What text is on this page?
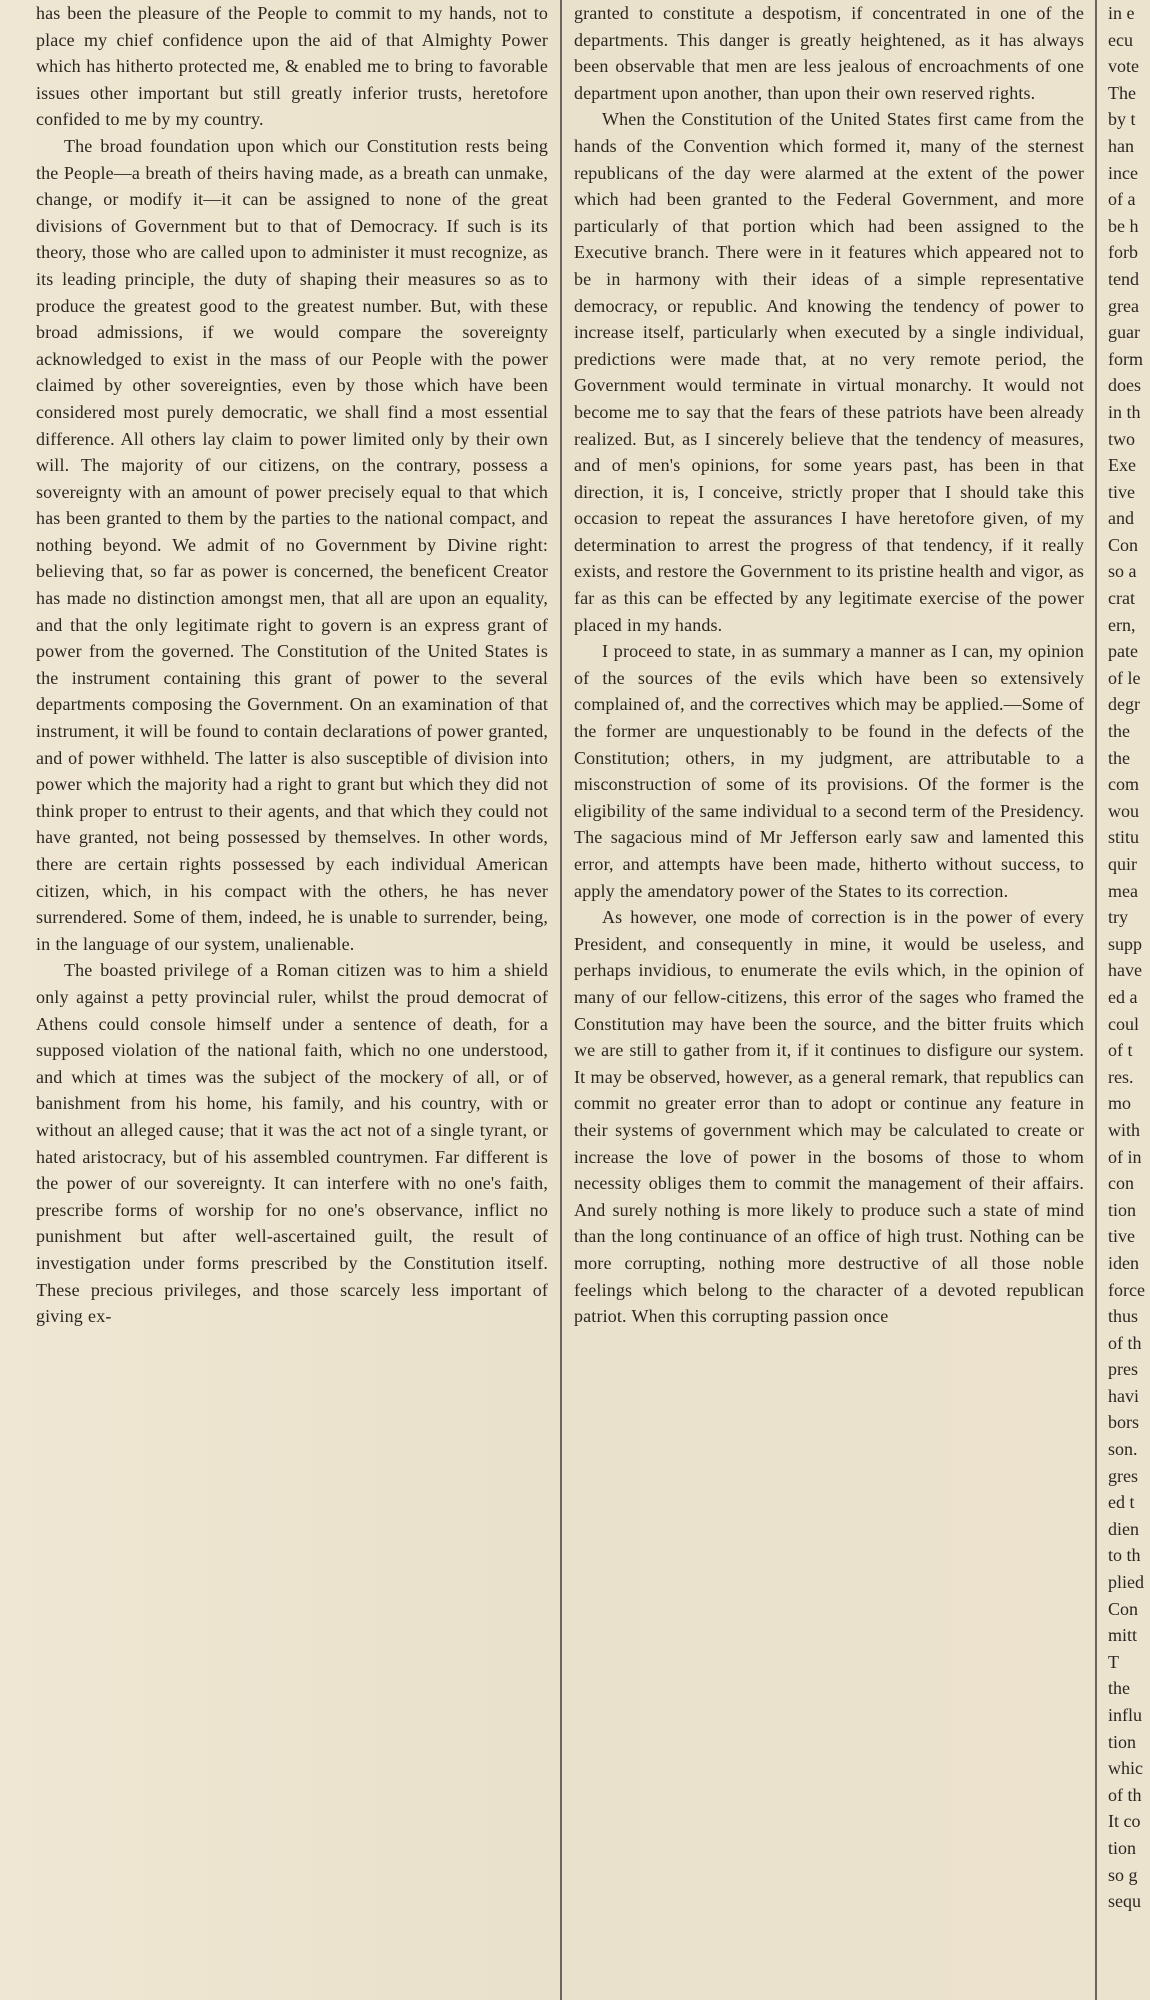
has been the pleasure of the People to commit to my hands, not to place my chief confidence upon the aid of that Almighty Power which has hitherto protected me, & enabled me to bring to favorable issues other important but still greatly inferior trusts, heretofore confided to me by my country.

The broad foundation upon which our Constitution rests being the People—a breath of theirs having made, as a breath can unmake, change, or modify it—it can be assigned to none of the great divisions of Government but to that of Democracy. If such is its theory, those who are called upon to administer it must recognize, as its leading principle, the duty of shaping their measures so as to produce the greatest good to the greatest number. But, with these broad admissions, if we would compare the sovereignty acknowledged to exist in the mass of our People with the power claimed by other sovereignties, even by those which have been considered most purely democratic, we shall find a most essential difference. All others lay claim to power limited only by their own will. The majority of our citizens, on the contrary, possess a sovereignty with an amount of power precisely equal to that which has been granted to them by the parties to the national compact, and nothing beyond. We admit of no Government by Divine right: believing that, so far as power is concerned, the beneficent Creator has made no distinction amongst men, that all are upon an equality, and that the only legitimate right to govern is an express grant of power from the governed. The Constitution of the United States is the instrument containing this grant of power to the several departments composing the Government. On an examination of that instrument, it will be found to contain declarations of power granted, and of power withheld. The latter is also susceptible of division into power which the majority had a right to grant but which they did not think proper to entrust to their agents, and that which they could not have granted, not being possessed by themselves. In other words, there are certain rights possessed by each individual American citizen, which, in his compact with the others, he has never surrendered. Some of them, indeed, he is unable to surrender, being, in the language of our system, unalienable.

The boasted privilege of a Roman citizen was to him a shield only against a petty provincial ruler, whilst the proud democrat of Athens could console himself under a sentence of death, for a supposed violation of the national faith, which no one understood, and which at times was the subject of the mockery of all, or of banishment from his home, his family, and his country, with or without an alleged cause; that it was the act not of a single tyrant, or hated aristocracy, but of his assembled countrymen. Far different is the power of our sovereignty. It can interfere with no one's faith, prescribe forms of worship for no one's observance, inflict no punishment but after well-ascertained guilt, the result of investigation under forms prescribed by the Constitution itself. These precious privileges, and those scarcely less important of giving ex-

granted to constitute a despotism, if concentrated in one of the departments. This danger is greatly heightened, as it has always been observable that men are less jealous of encroachments of one department upon another, than upon their own reserved rights.

When the Constitution of the United States first came from the hands of the Convention which formed it, many of the sternest republicans of the day were alarmed at the extent of the power which had been granted to the Federal Government, and more particularly of that portion which had been assigned to the Executive branch. There were in it features which appeared not to be in harmony with their ideas of a simple representative democracy, or republic. And knowing the tendency of power to increase itself, particularly when executed by a single individual, predictions were made that, at no very remote period, the Government would terminate in virtual monarchy. It would not become me to say that the fears of these patriots have been already realized. But, as I sincerely believe that the tendency of measures, and of men's opinions, for some years past, has been in that direction, it is, I conceive, strictly proper that I should take this occasion to repeat the assurances I have heretofore given, of my determination to arrest the progress of that tendency, if it really exists, and restore the Government to its pristine health and vigor, as far as this can be effected by any legitimate exercise of the power placed in my hands.

I proceed to state, in as summary a manner as I can, my opinion of the sources of the evils which have been so extensively complained of, and the correctives which may be applied.—Some of the former are unquestionably to be found in the defects of the Constitution; others, in my judgment, are attributable to a misconstruction of some of its provisions. Of the former is the eligibility of the same individual to a second term of the Presidency. The sagacious mind of Mr Jefferson early saw and lamented this error, and attempts have been made, hitherto without success, to apply the amendatory power of the States to its correction.

As however, one mode of correction is in the power of every President, and consequently in mine, it would be useless, and perhaps invidious, to enumerate the evils which, in the opinion of many of our fellow-citizens, this error of the sages who framed the Constitution may have been the source, and the bitter fruits which we are still to gather from it, if it continues to disfigure our system. It may be observed, however, as a general remark, that republics can commit no greater error than to adopt or continue any feature in their systems of government which may be calculated to create or increase the love of power in the bosoms of those to whom necessity obliges them to commit the management of their affairs. And surely nothing is more likely to produce such a state of mind than the long continuance of an office of high trust. Nothing can be more corrupting, nothing more destructive of all those noble feelings which belong to the character of a devoted republican patriot. When this corrupting passion once

in e
ecu
vote
The
by t
han
ince
of a
be h
forb
tend
grea
guar
form
does
in th
two
Exe
tive
and
Con
so a
crat
ern,
pate
of le
degr
the
the
com
wou
stitu
quir
mea
try
supp
have
ed a
coul
of t
res.
mo
with
of in
con
tion
tive
iden
force
thus
of th
pres
havi
bors
son.
gres
ed t
dien
to th
plied
Con
mitt
T
the
influ
tion
whic
of th
It co
tion
so g
sequ
